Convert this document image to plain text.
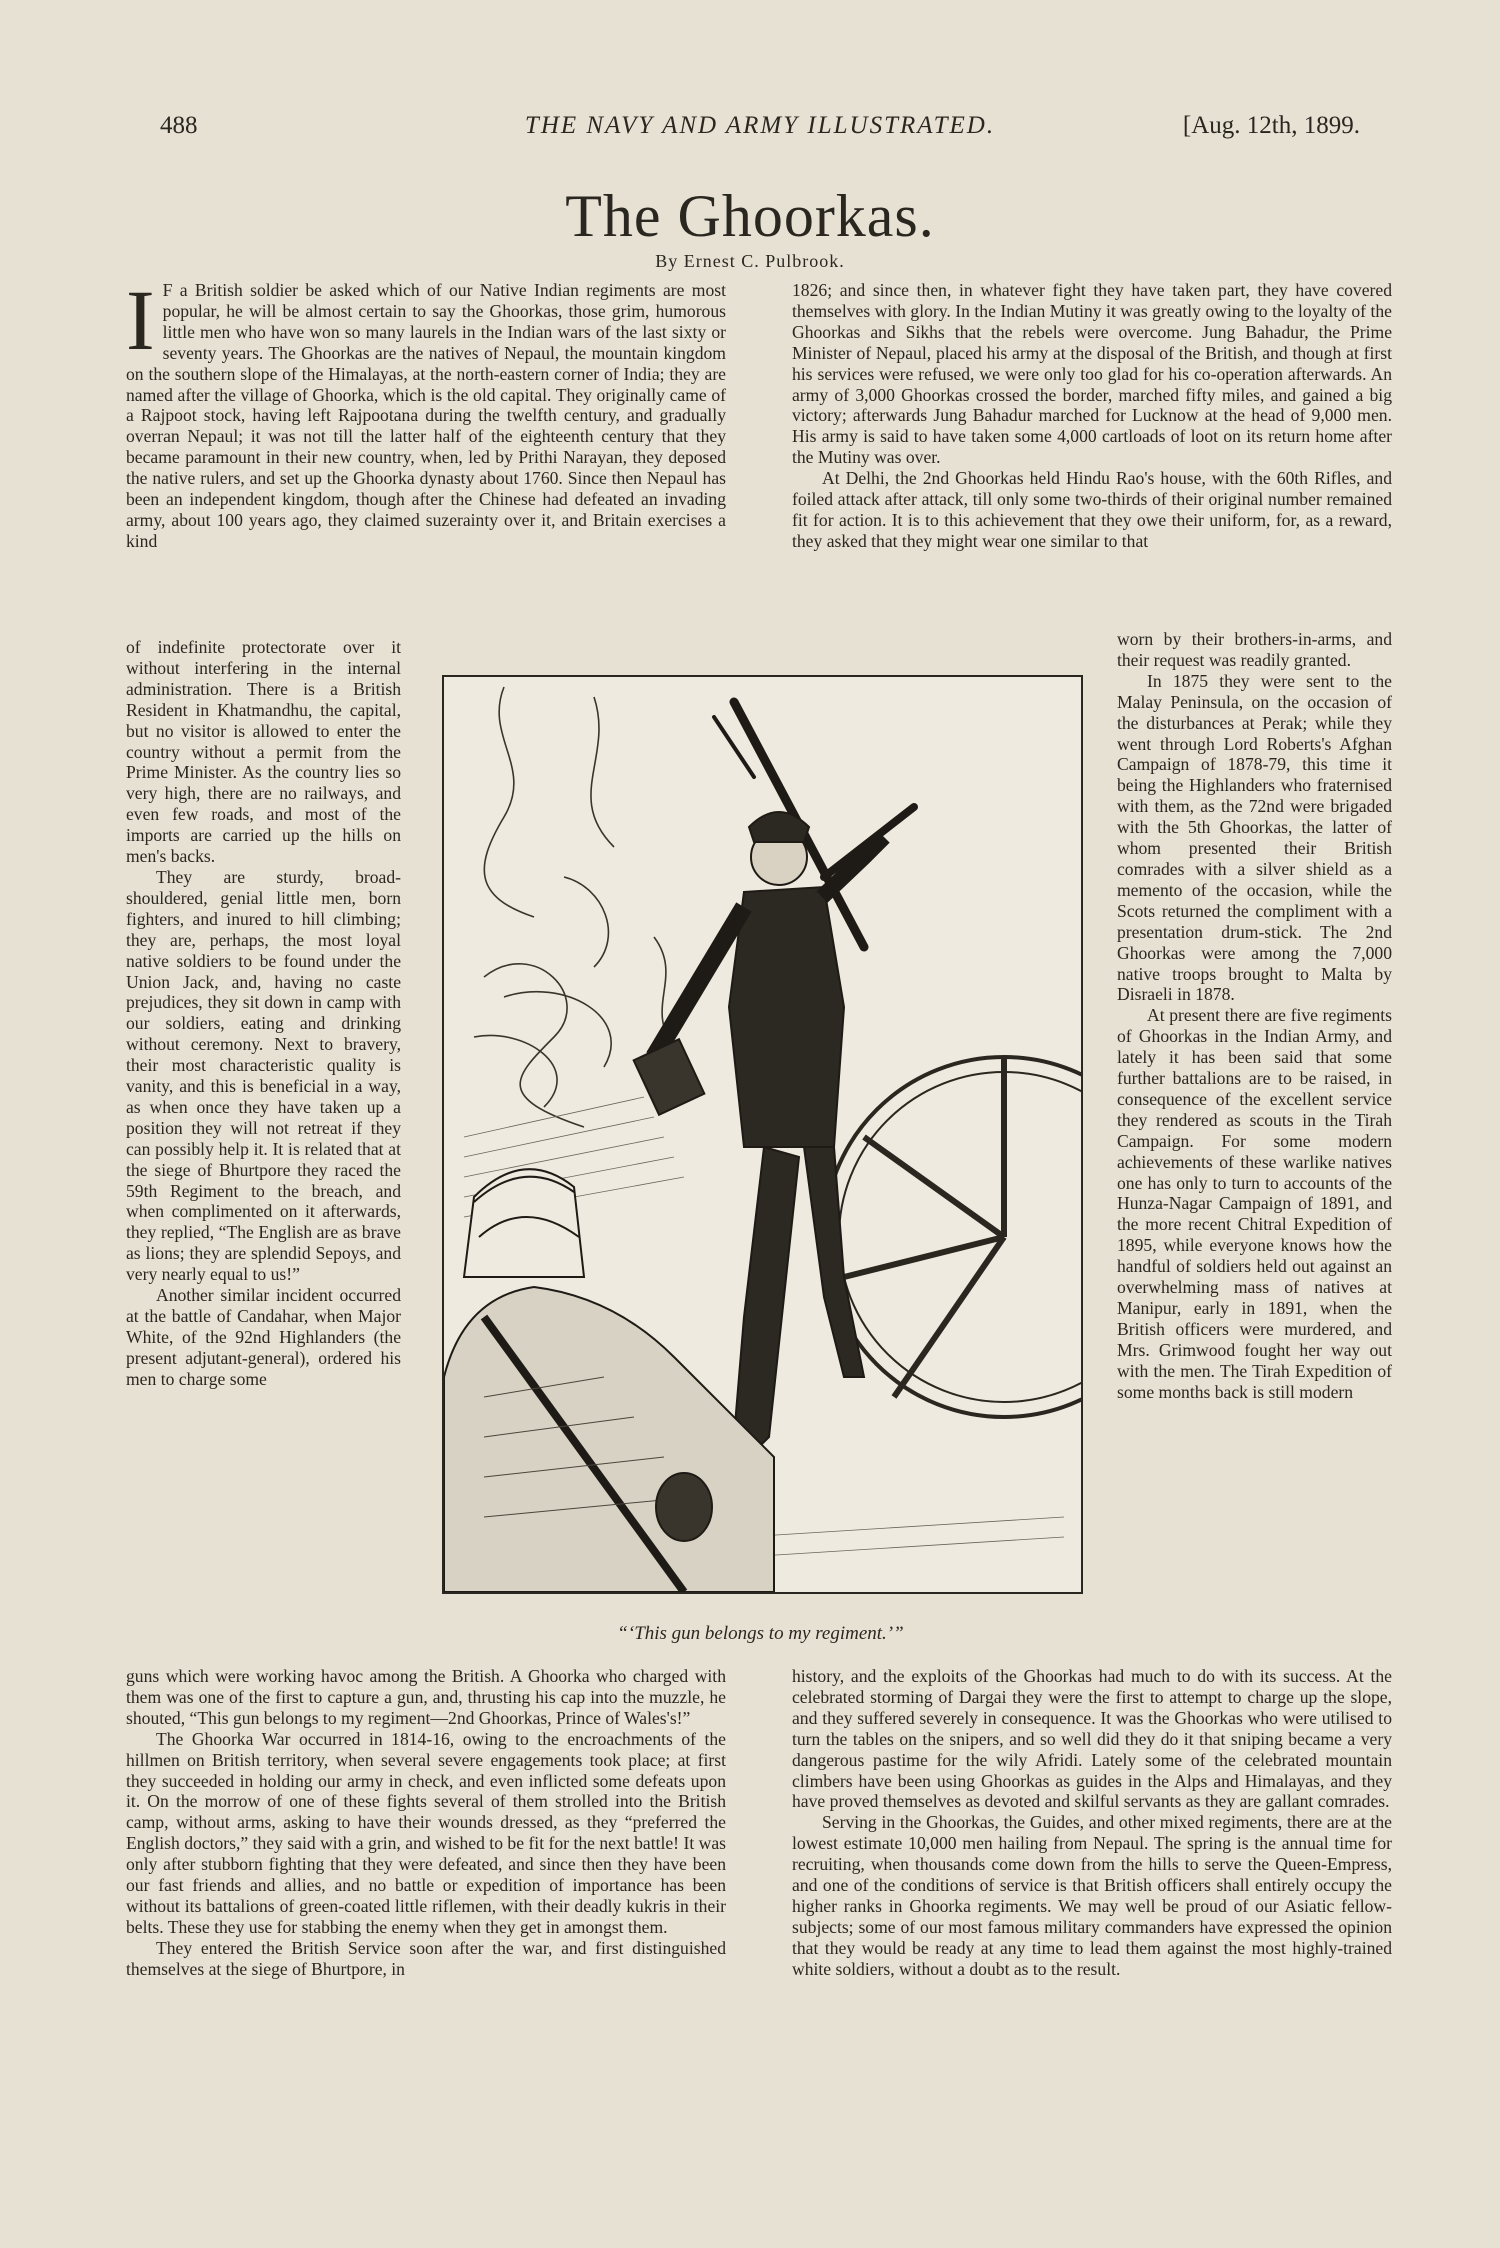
488	THE NAVY AND ARMY ILLUSTRATED.	[Aug. 12th, 1899.
The Ghoorkas.
By Ernest C. Pulbrook.

I F a British soldier be asked which of our Native Indian regiments are most popular, he will be almost certain to say the Ghoorkas, those grim, humorous little men who have won so many laurels in the Indian wars of the last sixty or seventy years. The Ghoorkas are the natives of Nepaul, the mountain kingdom on the southern slope of the Himalayas, at the north-eastern corner of India; they are named after the village of Ghoorka, which is the old capital. They originally came of a Rajpoot stock, having left Rajpootana during the twelfth century, and gradually overran Nepaul; it was not till the latter half of the eighteenth century that they became paramount in their new country, when, led by Prithi Narayan, they deposed the native rulers, and set up the Ghoorka dynasty about 1760. Since then Nepaul has been an independent kingdom, though after the Chinese had defeated an invading army, about 100 years ago, they claimed suzerainty over it, and Britain exercises a kind

of indefinite protectorate over it without interfering in the internal administration. There is a British Resident in Khatmandhu, the capital, but no visitor is allowed to enter the country without a permit from the Prime Minister. As the country lies so very high, there are no railways, and even few roads, and most of the imports are carried up the hills on men's backs.

They are sturdy, broad-shouldered, genial little men, born fighters, and inured to hill climbing; they are, perhaps, the most loyal native soldiers to be found under the Union Jack, and, having no caste prejudices, they sit down in camp with our soldiers, eating and drinking without ceremony. Next to bravery, their most characteristic quality is vanity, and this is beneficial in a way, as when once they have taken up a position they will not retreat if they can possibly help it. It is related that at the siege of Bhurtpore they raced the 59th Regiment to the breach, and when complimented on it afterwards, they replied, “The English are as brave as lions; they are splendid Sepoys, and very nearly equal to us!”

Another similar incident occurred at the battle of Candahar, when Major White, of the 92nd Highlanders (the present adjutant-general), ordered his men to charge some

guns which were working havoc among the British. A Ghoorka who charged with them was one of the first to capture a gun, and, thrusting his cap into the muzzle, he shouted, “This gun belongs to my regiment—2nd Ghoorkas, Prince of Wales's!”

The Ghoorka War occurred in 1814-16, owing to the encroachments of the hillmen on British territory, when several severe engagements took place; at first they succeeded in holding our army in check, and even inflicted some defeats upon it. On the morrow of one of these fights several of them strolled into the British camp, without arms, asking to have their wounds dressed, as they “preferred the English doctors,” they said with a grin, and wished to be fit for the next battle! It was only after stubborn fighting that they were defeated, and since then they have been our fast friends and allies, and no battle or expedition of importance has been without its battalions of green-coated little riflemen, with their deadly kukris in their belts. These they use for stabbing the enemy when they get in amongst them.

They entered the British Service soon after the war, and first distinguished themselves at the siege of Bhurtpore, in

1826; and since then, in whatever fight they have taken part, they have covered themselves with glory. In the Indian Mutiny it was greatly owing to the loyalty of the Ghoorkas and Sikhs that the rebels were overcome. Jung Bahadur, the Prime Minister of Nepaul, placed his army at the disposal of the British, and though at first his services were refused, we were only too glad for his co-operation afterwards. An army of 3,000 Ghoorkas crossed the border, marched fifty miles, and gained a big victory; afterwards Jung Bahadur marched for Lucknow at the head of 9,000 men. His army is said to have taken some 4,000 cartloads of loot on its return home after the Mutiny was over.

At Delhi, the 2nd Ghoorkas held Hindu Rao's house, with the 60th Rifles, and foiled attack after attack, till only some two-thirds of their original number remained fit for action. It is to this achievement that they owe their uniform, for, as a reward, they asked that they might wear one similar to that

worn by their brothers-in-arms, and their request was readily granted.

In 1875 they were sent to the Malay Peninsula, on the occasion of the disturbances at Perak; while they went through Lord Roberts's Afghan Campaign of 1878-79, this time it being the Highlanders who fraternised with them, as the 72nd were brigaded with the 5th Ghoorkas, the latter of whom presented their British comrades with a silver shield as a memento of the occasion, while the Scots returned the compliment with a presentation drum-stick. The 2nd Ghoorkas were among the 7,000 native troops brought to Malta by Disraeli in 1878.

At present there are five regiments of Ghoorkas in the Indian Army, and lately it has been said that some further battalions are to be raised, in consequence of the excellent service they rendered as scouts in the Tirah Campaign. For some modern achievements of these warlike natives one has only to turn to accounts of the Hunza-Nagar Campaign of 1891, and the more recent Chitral Expedition of 1895, while everyone knows how the handful of soldiers held out against an overwhelming mass of natives at Manipur, early in 1891, when the British officers were murdered, and Mrs. Grimwood fought her way out with the men. The Tirah Expedition of some months back is still modern

history, and the exploits of the Ghoorkas had much to do with its success. At the celebrated storming of Dargai they were the first to attempt to charge up the slope, and they suffered severely in consequence. It was the Ghoorkas who were utilised to turn the tables on the snipers, and so well did they do it that sniping became a very dangerous pastime for the wily Afridi. Lately some of the celebrated mountain climbers have been using Ghoorkas as guides in the Alps and Himalayas, and they have proved themselves as devoted and skilful servants as they are gallant comrades.

Serving in the Ghoorkas, the Guides, and other mixed regiments, there are at the lowest estimate 10,000 men hailing from Nepaul. The spring is the annual time for recruiting, when thousands come down from the hills to serve the Queen-Empress, and one of the conditions of service is that British officers shall entirely occupy the higher ranks in Ghoorka regiments. We may well be proud of our Asiatic fellow-subjects; some of our most famous military commanders have expressed the opinion that they would be ready at any time to lead them against the most highly-trained white soldiers, without a doubt as to the result.

“‘This gun belongs to my regiment.’”
